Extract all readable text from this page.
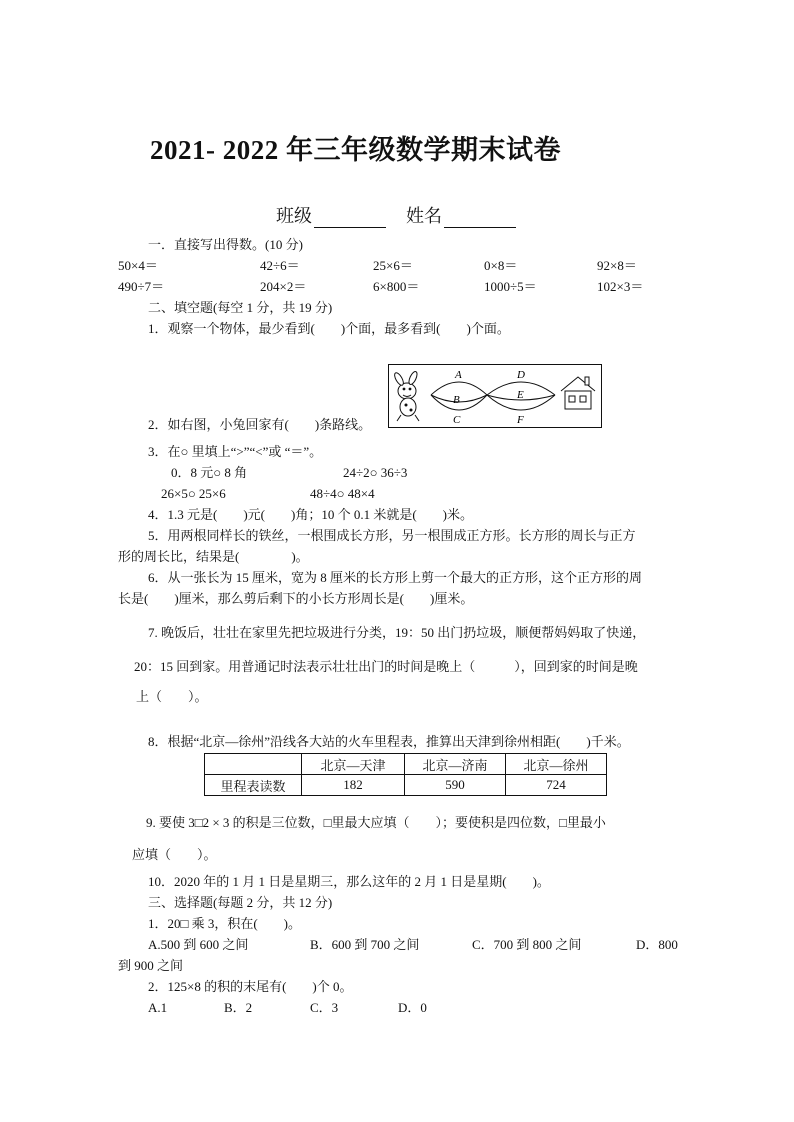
2021- 2022 年三年级数学期末试卷
班级	姓名
一．直接写出得数。(10 分)
50×4＝	42÷6＝	25×6＝	0×8＝	92×8＝
490÷7＝	204×2＝	6×800＝	1000÷5＝	102×3＝
二、填空题(每空 1 分，共 19 分)
1．观察一个物体，最少看到(　　)个面，最多看到(　　)个面。
A
B
C
D
E
F
2．如右图，小兔回家有(　　)条路线。
3．在○ 里填上“>”“<”或 “＝”。
0．8 元○ 8 角	24÷2○ 36÷3
26×5○ 25×6	48÷4○ 48×4
4．1.3 元是(　　)元(　　)角；10 个 0.1 米就是(　　)米。
5．用两根同样长的铁丝，一根围成长方形，另一根围成正方形。长方形的周长与正方
形的周长比，结果是(　　　　)。
6．从一张长为 15 厘米，宽为 8 厘米的长方形上剪一个最大的正方形，这个正方形的周
长是(　　)厘米，那么剪后剩下的小长方形周长是(　　)厘米。
7. 晚饭后，壮壮在家里先把垃圾进行分类，19：50 出门扔垃圾，顺便帮妈妈取了快递，
20：15 回到家。用普通记时法表示壮壮出门的时间是晚上（　　　），回到家的时间是晚
上（　　）。
8．根据“北京—徐州”沿线各大站的火车里程表，推算出天津到徐州相距(　　)千米。
	北京—天津	北京—济南	北京—徐州
里程表读数	182	590	724
9. 要使 3□2 × 3 的积是三位数，□里最大应填（　　）；要使积是四位数，□里最小
应填（　　）。
10．2020 年的 1 月 1 日是星期三，那么这年的 2 月 1 日是星期(　　)。
三、选择题(每题 2 分，共 12 分)
1．20□ 乘 3，积在(　　)。
A.500 到 600 之间	B．600 到 700 之间	C．700 到 800 之间	D．800
到 900 之间
2．125×8 的积的末尾有(　　)个 0。
A.1	B．2	C．3	D．0
